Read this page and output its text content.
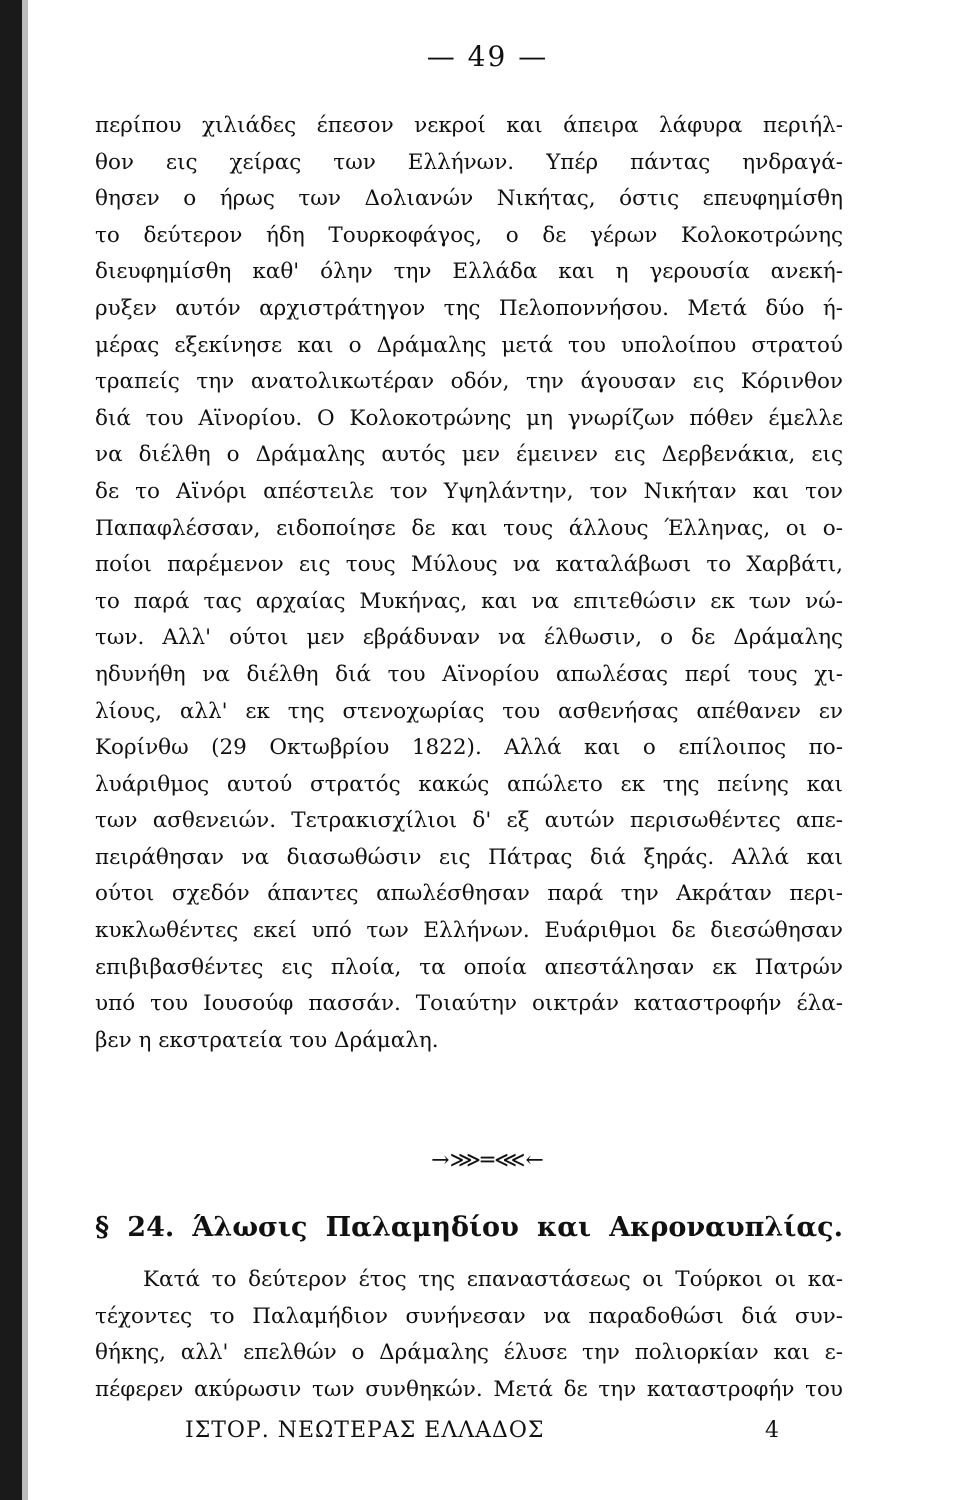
— 49 —
περίπου χιλιάδες έπεσον νεκροί και άπειρα λάφυρα περιήλ-
θον εις χείρας των Ελλήνων. Υπέρ πάντας ηνδραγά-
θησεν ο ήρως των Δολιανών Νικήτας, όστις επευφημίσθη
το δεύτερον ήδη Τουρκοφάγος, ο δε γέρων Κολοκοτρώνης
διευφημίσθη καθ' όλην την Ελλάδα και η γερουσία ανεκή-
ρυξεν αυτόν αρχιστράτηγον της Πελοποννήσου. Μετά δύο ή-
μέρας εξεκίνησε και ο Δράμαλης μετά του υπολοίπου στρατού
τραπείς την ανατολικωτέραν οδόν, την άγουσαν εις Κόρινθον
διά του Αϊνορίου. Ο Κολοκοτρώνης μη γνωρίζων πόθεν έμελλε
να διέλθη ο Δράμαλης αυτός μεν έμεινεν εις Δερβενάκια, εις
δε το Αϊνόρι απέστειλε τον Υψηλάντην, τον Νικήταν και τον
Παπαφλέσσαν, ειδοποίησε δε και τους άλλους Έλληνας, οι ο-
ποίοι παρέμενον εις τους Μύλους να καταλάβωσι το Χαρβάτι,
το παρά τας αρχαίας Μυκήνας, και να επιτεθώσιν εκ των νώ-
των. Αλλ' ούτοι μεν εβράδυναν να έλθωσιν, ο δε Δράμαλης
ηδυνήθη να διέλθη διά του Αϊνορίου απωλέσας περί τους χι-
λίους, αλλ' εκ της στενοχωρίας του ασθενήσας απέθανεν εν
Κορίνθω (29 Οκτωβρίου 1822). Αλλά και ο επίλοιπος πο-
λυάριθμος αυτού στρατός κακώς απώλετο εκ της πείνης και
των ασθενειών. Τετρακισχίλιοι δ' εξ αυτών περισωθέντες απε-
πειράθησαν να διασωθώσιν εις Πάτρας διά ξηράς. Αλλά και
ούτοι σχεδόν άπαντες απωλέσθησαν παρά την Ακράταν περι-
κυκλωθέντες εκεί υπό των Ελλήνων. Ευάριθμοι δε διεσώθησαν
επιβιβασθέντες εις πλοία, τα οποία απεστάλησαν εκ Πατρών
υπό του Ιουσούφ πασσάν. Τοιαύτην οικτράν καταστροφήν έλα-
βεν η εκστρατεία του Δράμαλη.
→⋙═⋘←
§ 24. Άλωσις Παλαμηδίου και Ακροναυπλίας.
Κατά το δεύτερον έτος της επαναστάσεως οι Τούρκοι οι κα-
τέχοντες το Παλαμήδιον συνήνεσαν να παραδοθώσι διά συν-
θήκης, αλλ' επελθών ο Δράμαλης έλυσε την πολιορκίαν και ε-
πέφερεν ακύρωσιν των συνθηκών. Μετά δε την καταστροφήν του
ΙΣΤΟΡ. ΝΕΩΤΕΡΑΣ ΕΛΛΑΔΟΣ	4
